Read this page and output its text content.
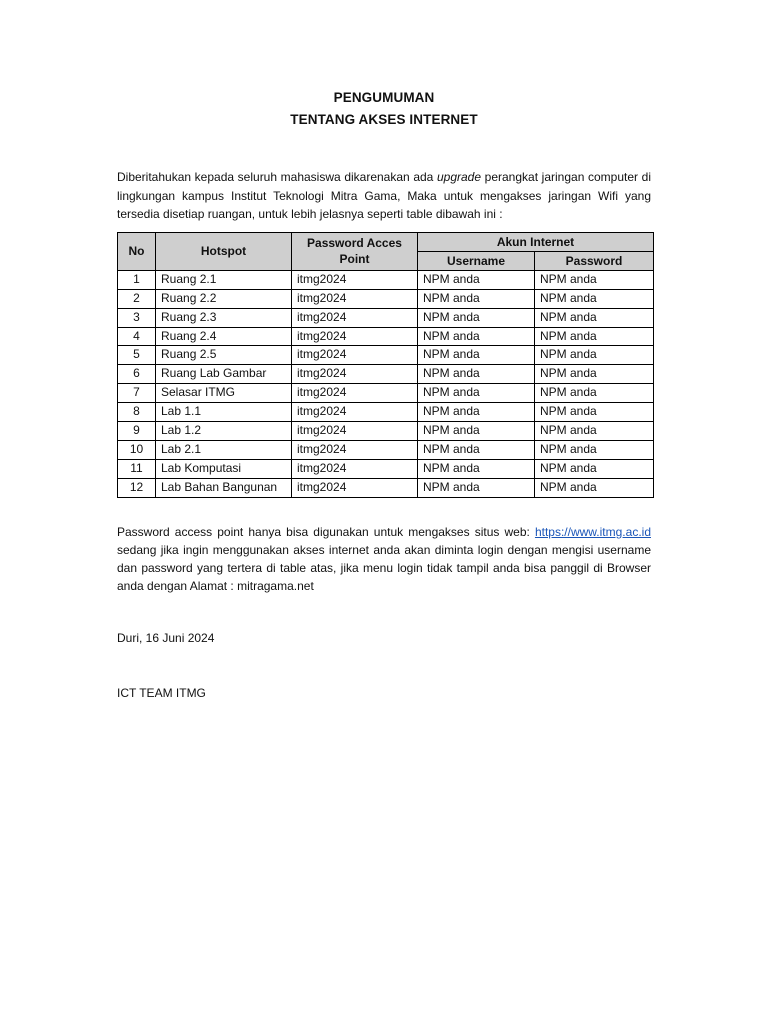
PENGUMUMAN
TENTANG AKSES INTERNET
Diberitahukan kepada seluruh mahasiswa dikarenakan ada upgrade perangkat jaringan computer di lingkungan kampus Institut Teknologi Mitra Gama, Maka untuk mengakses jaringan Wifi yang tersedia disetiap ruangan, untuk lebih jelasnya seperti table dibawah ini :
No	Hotspot	Password Acces Point	Akun Internet	
			Username	Password
1	Ruang 2.1	itmg2024	NPM anda	NPM anda
2	Ruang 2.2	itmg2024	NPM anda	NPM anda
3	Ruang 2.3	itmg2024	NPM anda	NPM anda
4	Ruang 2.4	itmg2024	NPM anda	NPM anda
5	Ruang 2.5	itmg2024	NPM anda	NPM anda
6	Ruang Lab Gambar	itmg2024	NPM anda	NPM anda
7	Selasar ITMG	itmg2024	NPM anda	NPM anda
8	Lab 1.1	itmg2024	NPM anda	NPM anda
9	Lab 1.2	itmg2024	NPM anda	NPM anda
10	Lab 2.1	itmg2024	NPM anda	NPM anda
11	Lab Komputasi	itmg2024	NPM anda	NPM anda
12	Lab Bahan Bangunan	itmg2024	NPM anda	NPM anda
Password access point hanya bisa digunakan untuk mengakses situs web: https://www.itmg.ac.id sedang jika ingin menggunakan akses internet anda akan diminta login dengan mengisi username dan password yang tertera di table atas, jika menu login tidak tampil anda bisa panggil di Browser anda dengan Alamat : mitragama.net
Duri, 16 Juni 2024
ICT TEAM ITMG
